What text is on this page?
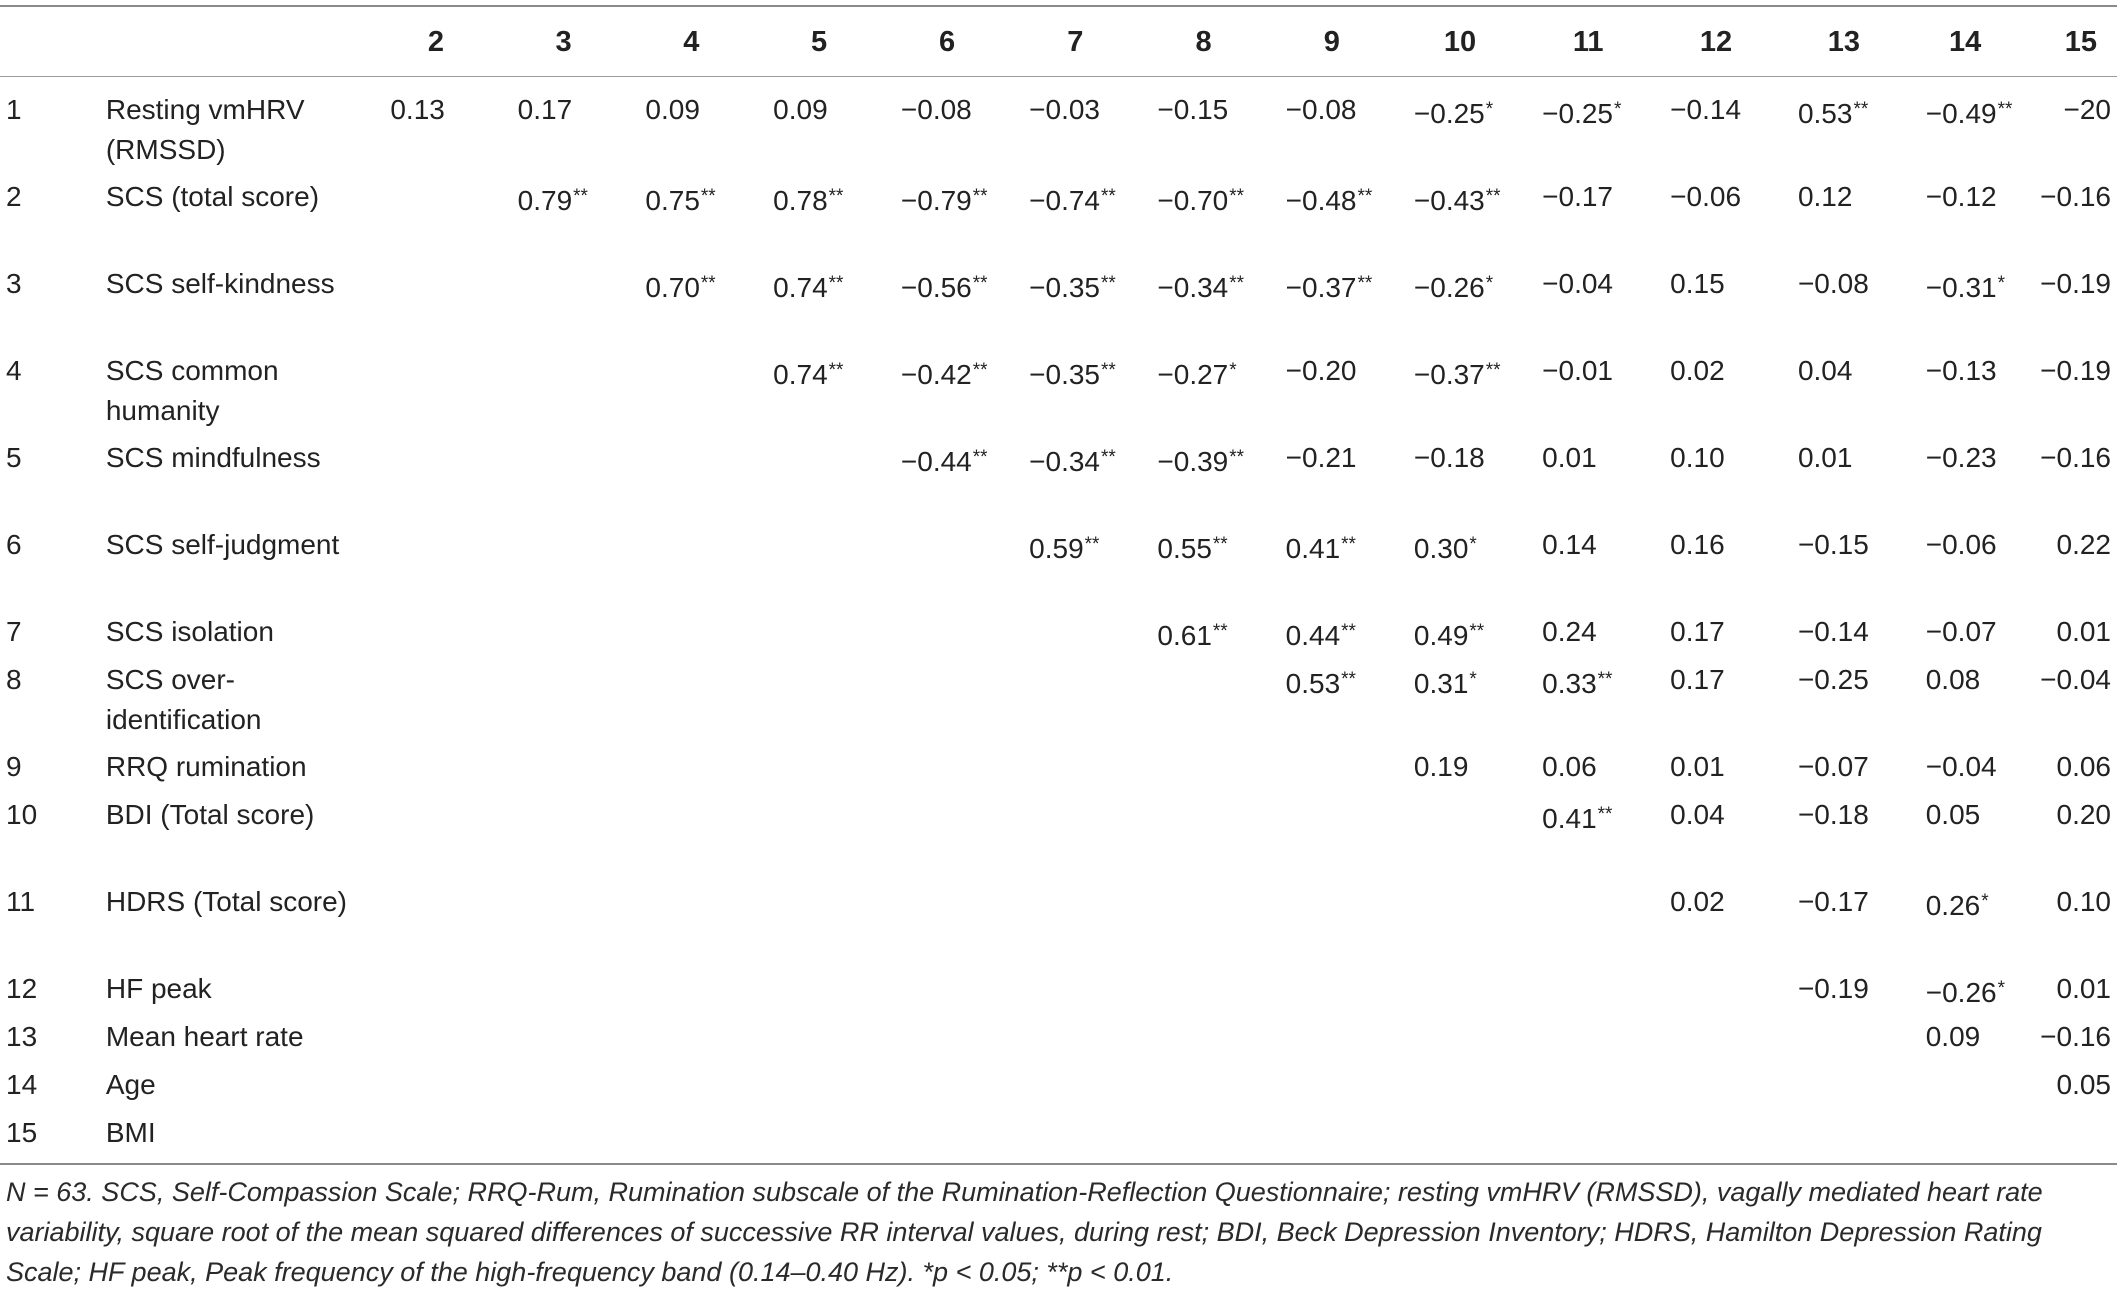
		2	3	4	5	6	7	8	9	10	11	12	13	14	15
1	Resting vmHRV (RMSSD)	0.13	0.17	0.09	0.09	−0.08	−0.03	−0.15	−0.08	−0.25*	−0.25*	−0.14	0.53**	−0.49**	−20
2	SCS (total score)		0.79**	0.75**	0.78**	−0.79**	−0.74**	−0.70**	−0.48**	−0.43**	−0.17	−0.06	0.12	−0.12	−0.16
3	SCS self-kindness			0.70**	0.74**	−0.56**	−0.35**	−0.34**	−0.37**	−0.26*	−0.04	0.15	−0.08	−0.31*	−0.19
4	SCS common humanity				0.74**	−0.42**	−0.35**	−0.27*	−0.20	−0.37**	−0.01	0.02	0.04	−0.13	−0.19
5	SCS mindfulness					−0.44**	−0.34**	−0.39**	−0.21	−0.18	0.01	0.10	0.01	−0.23	−0.16
6	SCS self-judgment						0.59**	0.55**	0.41**	0.30*	0.14	0.16	−0.15	−0.06	0.22
7	SCS isolation							0.61**	0.44**	0.49**	0.24	0.17	−0.14	−0.07	0.01
8	SCS over-identification								0.53**	0.31*	0.33**	0.17	−0.25	0.08	−0.04
9	RRQ rumination									0.19	0.06	0.01	−0.07	−0.04	0.06
10	BDI (Total score)										0.41**	0.04	−0.18	0.05	0.20
11	HDRS (Total score)											0.02	−0.17	0.26*	0.10
12	HF peak												−0.19	−0.26*	0.01
13	Mean heart rate													0.09	−0.16
14	Age														0.05
15	BMI														
N = 63. SCS, Self-Compassion Scale; RRQ-Rum, Rumination subscale of the Rumination-Reflection Questionnaire; resting vmHRV (RMSSD), vagally mediated heart rate variability, square root of the mean squared differences of successive RR interval values, during rest; BDI, Beck Depression Inventory; HDRS, Hamilton Depression Rating Scale; HF peak, Peak frequency of the high-frequency band (0.14–0.40 Hz). *p < 0.05; **p < 0.01.
